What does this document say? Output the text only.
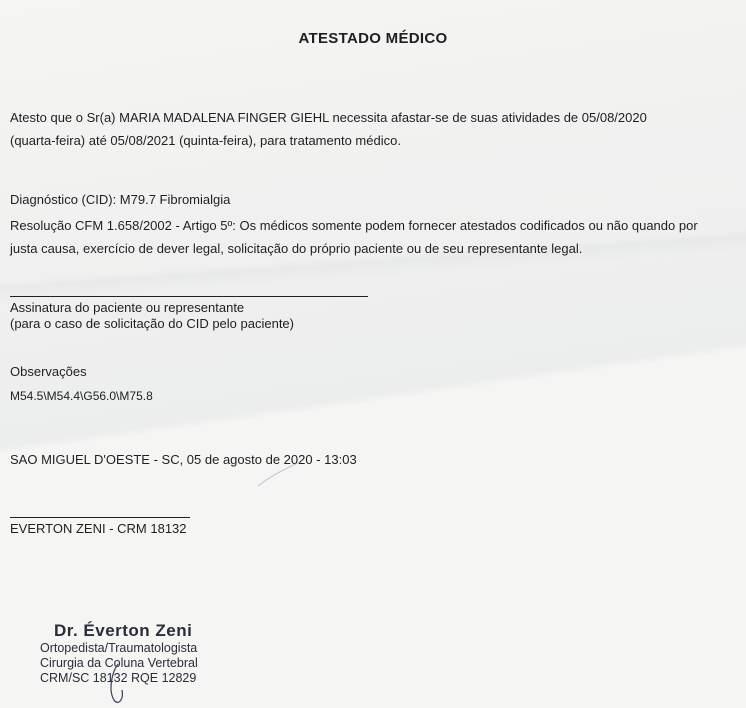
ATESTADO MÉDICO
Atesto que o Sr(a) MARIA MADALENA FINGER GIEHL necessita afastar-se de suas atividades de 05/08/2020
(quarta-feira) até 05/08/2021 (quinta-feira), para tratamento médico.
Diagnóstico (CID): M79.7 Fibromialgia
Resolução CFM 1.658/2002 - Artigo 5º: Os médicos somente podem fornecer atestados codificados ou não quando por
justa causa, exercício de dever legal, solicitação do próprio paciente ou de seu representante legal.
Assinatura do paciente ou representante
(para o caso de solicitação do CID pelo paciente)
Observações
M54.5\M54.4\G56.0\M75.8
SAO MIGUEL D'OESTE - SC, 05 de agosto de 2020 - 13:03
EVERTON ZENI - CRM 18132
Dr. Éverton Zeni
Ortopedista/Traumatologista
Cirurgia da Coluna Vertebral
CRM/SC 18132 RQE 12829
